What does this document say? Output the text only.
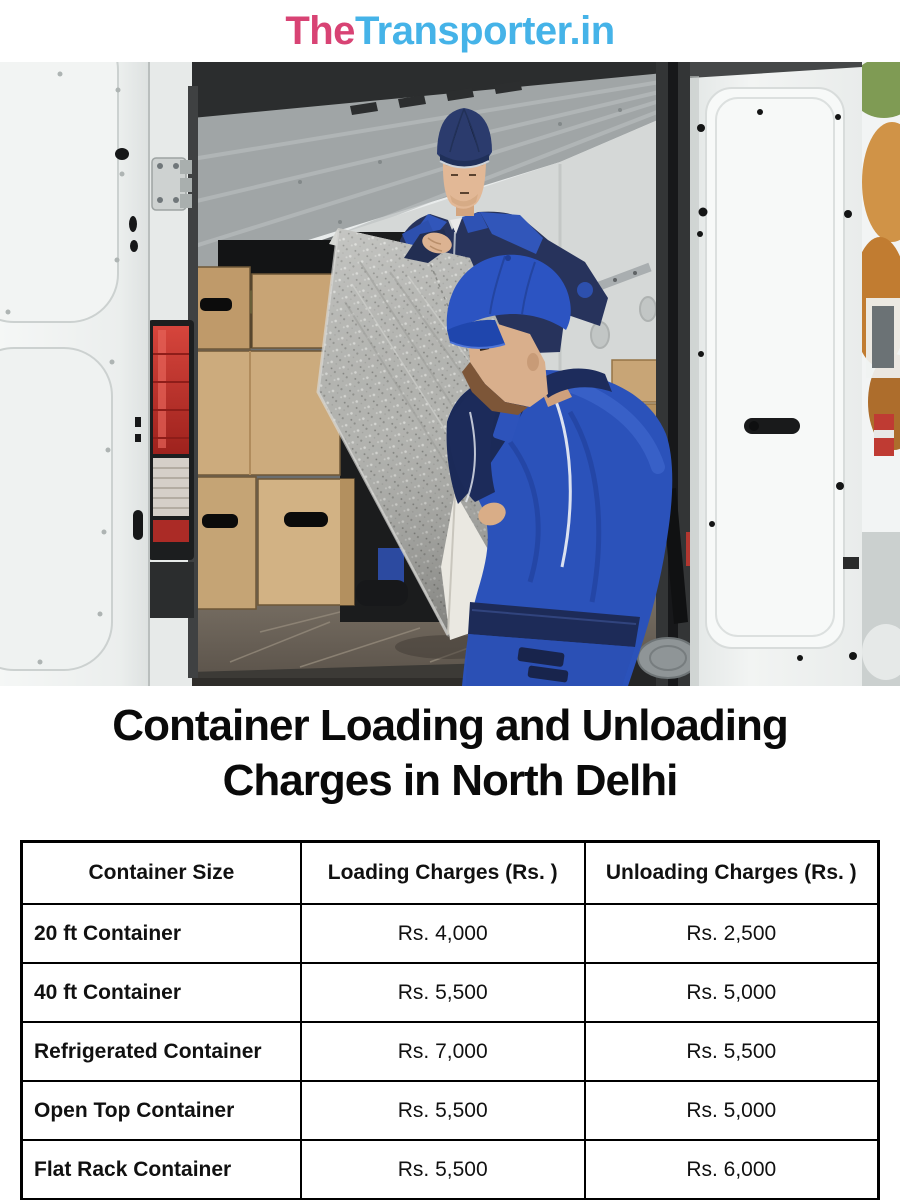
TheTransporter.in
Container Loading and Unloading
Charges in North Delhi
Container Size	Loading Charges (Rs. )	Unloading Charges (Rs. )
20 ft Container	Rs. 4,000	Rs. 2,500
40 ft Container	Rs. 5,500	Rs. 5,000
Refrigerated Container	Rs. 7,000	Rs. 5,500
Open Top Container	Rs. 5,500	Rs. 5,000
Flat Rack Container	Rs. 5,500	Rs. 6,000
